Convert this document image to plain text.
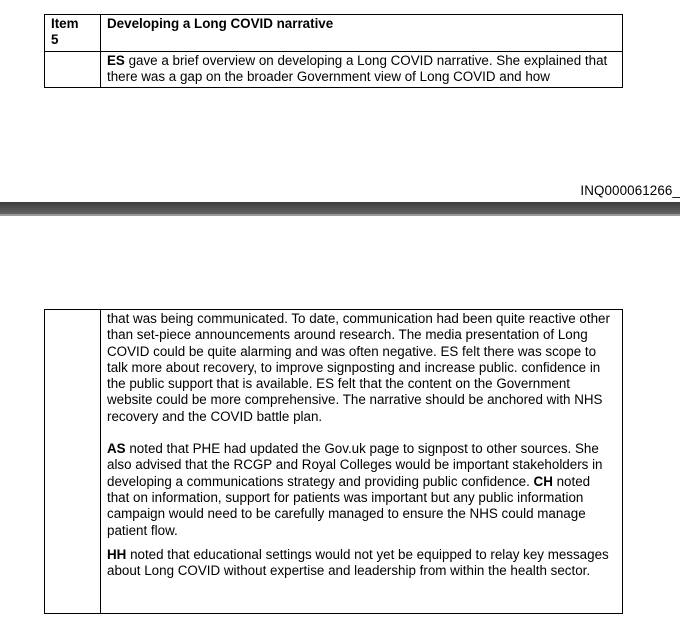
Item
5	Developing a Long COVID narrative
	ES gave a brief overview on developing a Long COVID narrative. She explained that there was a gap on the broader Government view of Long COVID and how
INQ000061266_

that was being communicated. To date, communication had been quite reactive other than set-piece announcements around research. The media presentation of Long COVID could be quite alarming and was often negative. ES felt there was scope to talk more about recovery, to improve signposting and increase public. confidence in the public support that is available. ES felt that the content on the Government website could be more comprehensive. The narrative should be anchored with NHS recovery and the COVID battle plan.

AS noted that PHE had updated the Gov.uk page to signpost to other sources. She also advised that the RCGP and Royal Colleges would be important stakeholders in developing a communications strategy and providing public confidence. CH noted that on information, support for patients was important but any public information campaign would need to be carefully managed to ensure the NHS could manage patient flow.

HH noted that educational settings would not yet be equipped to relay key messages about Long COVID without expertise and leadership from within the health sector.
